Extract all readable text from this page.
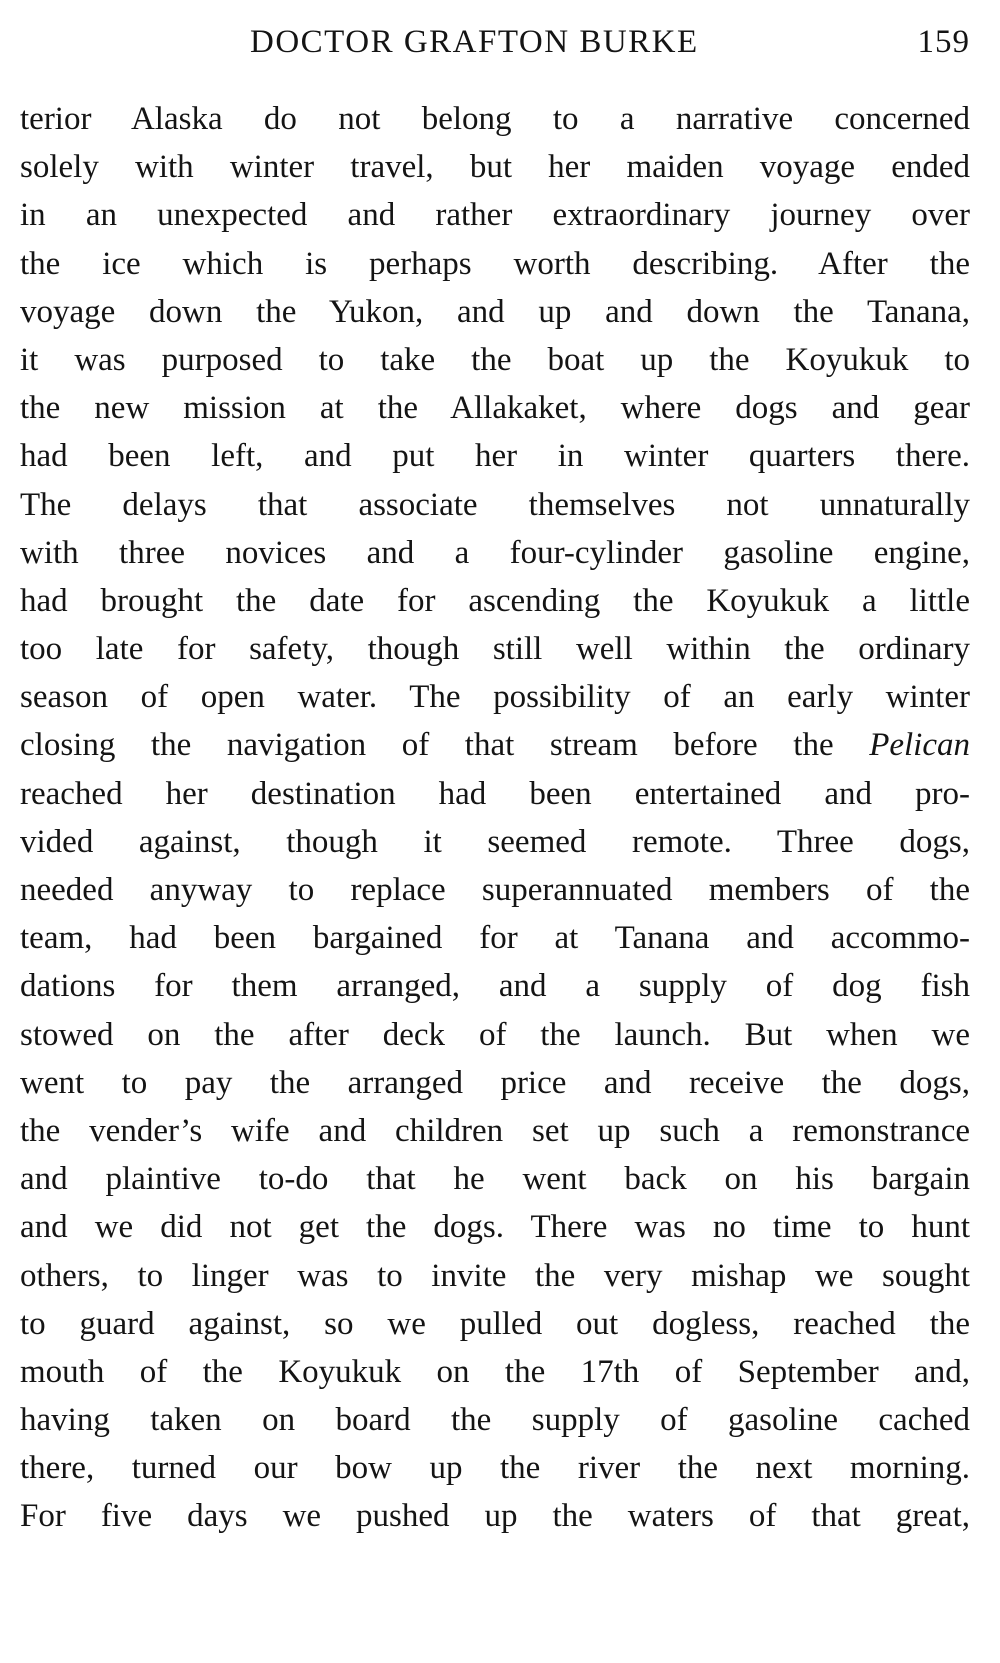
DOCTOR GRAFTON BURKE	159
terior Alaska do not belong to a narrative concerned
solely with winter travel, but her maiden voyage ended
in an unexpected and rather extraordinary journey over
the ice which is perhaps worth describing. After the
voyage down the Yukon, and up and down the Tanana,
it was purposed to take the boat up the Koyukuk to
the new mission at the Allakaket, where dogs and gear
had been left, and put her in winter quarters there.
The delays that associate themselves not unnaturally
with three novices and a four-cylinder gasoline engine,
had brought the date for ascending the Koyukuk a little
too late for safety, though still well within the ordinary
season of open water. The possibility of an early winter
closing the navigation of that stream before the Pelican
reached her destination had been entertained and pro-
vided against, though it seemed remote. Three dogs,
needed anyway to replace superannuated members of the
team, had been bargained for at Tanana and accommo-
dations for them arranged, and a supply of dog fish
stowed on the after deck of the launch. But when we
went to pay the arranged price and receive the dogs,
the vender’s wife and children set up such a remonstrance
and plaintive to-do that he went back on his bargain
and we did not get the dogs. There was no time to hunt
others, to linger was to invite the very mishap we sought
to guard against, so we pulled out dogless, reached the
mouth of the Koyukuk on the 17th of September and,
having taken on board the supply of gasoline cached
there, turned our bow up the river the next morning.
For five days we pushed up the waters of that great,
